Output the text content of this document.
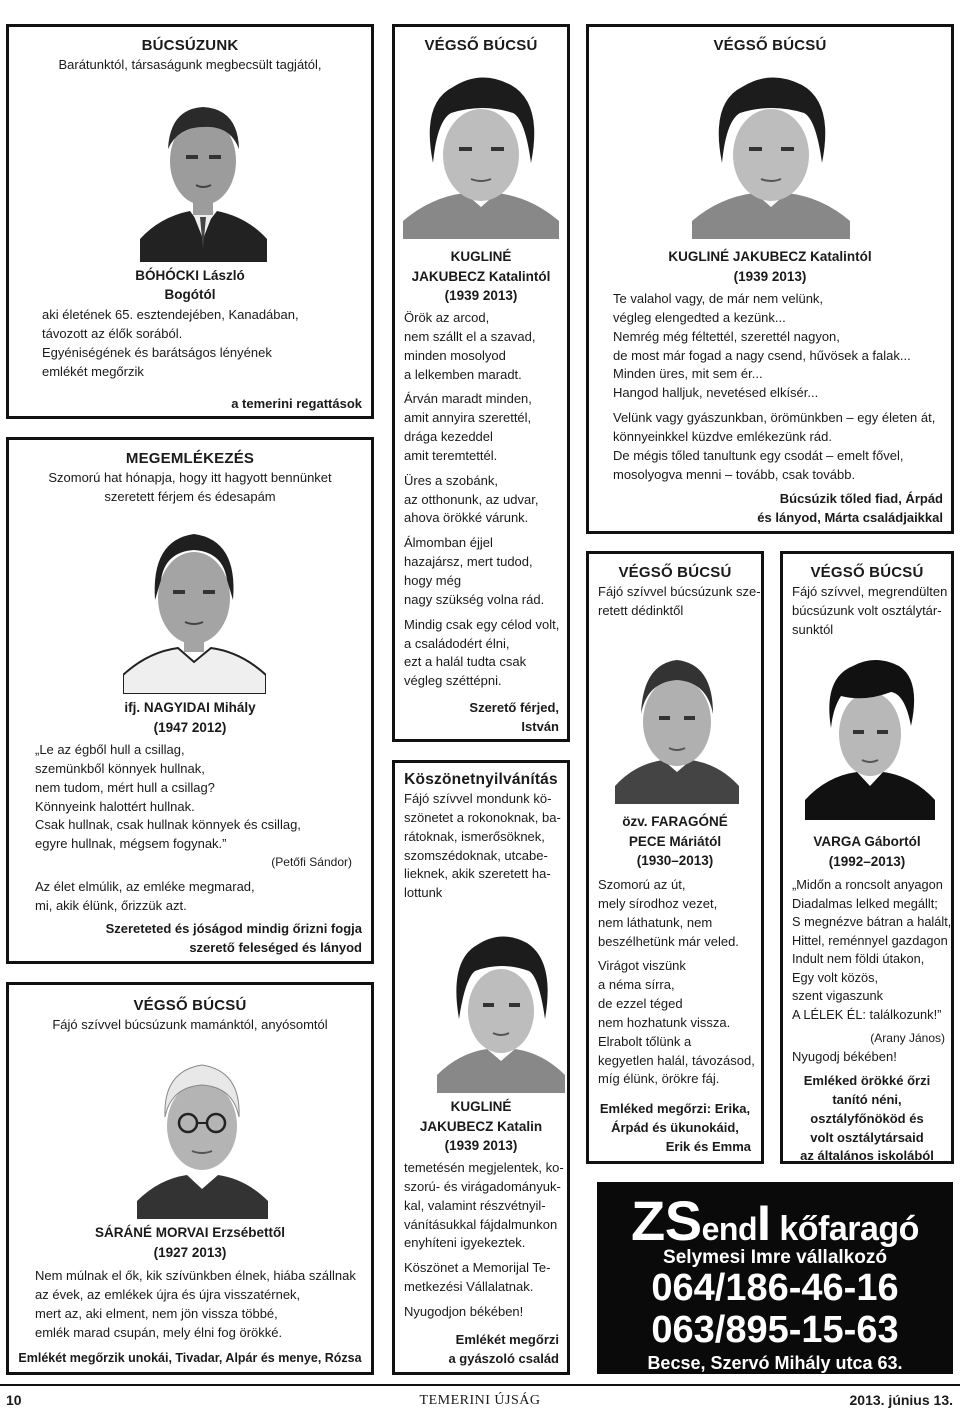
BÚCSÚZUNK
Barátunktól, társaságunk megbecsült tagjától,
BÓHÓCKI László
Bogótól
aki életének 65. esztendejében, Kanadában,
távozott az élők sorából.
Egyéniségének és barátságos lényének
emlékét megőrzik
a temerini regattások
MEGEMLÉKEZÉS
Szomorú hat hónapja, hogy itt hagyott bennünket
szeretett férjem és édesapám
ifj. NAGYIDAI Mihály
(1947 2012)
„Le az égből hull a csillag,
szemünkből könnyek hullnak,
nem tudom, mért hull a csillag?
Könnyeink halottért hullnak.
Csak hullnak, csak hullnak könnyek és csillag,
egyre hullnak, mégsem fogynak.”
(Petőfi Sándor)
Az élet elmúlik, az emléke megmarad,
mi, akik élünk, őrizzük azt.
Szereteted és jóságod mindig őrizni fogja
szerető feleséged és lányod
VÉGSŐ BÚCSÚ
Fájó szívvel búcsúzunk mamánktól, anyósomtól
SÁRÁNÉ MORVAI Erzsébettől
(1927 2013)
Nem múlnak el ők, kik szívünkben élnek, hiába szállnak
az évek, az emlékek újra és újra visszatérnek,
mert az, aki elment, nem jön vissza többé,
emlék marad csupán, mely élni fog örökké.
Emlékét megőrzik unokái, Tivadar, Alpár és menye, Rózsa
VÉGSŐ BÚCSÚ
KUGLINÉ
JAKUBECZ Katalintól
(1939 2013)
Örök az arcod,
nem szállt el a szavad,
minden mosolyod
a lelkemben maradt.
Árván maradt minden,
amit annyira szerettél,
drága kezeddel
amit teremtettél.
Üres a szobánk,
az otthonunk, az udvar,
ahova örökké várunk.
Álmomban éjjel
hazajársz, mert tudod,
hogy még
nagy szükség volna rád.
Mindig csak egy célod volt,
a családodért élni,
ezt a halál tudta csak
végleg széttépni.
Szerető férjed,
István
Köszönetnyilvánítás
Fájó szívvel mondunk kö-
szönetet a rokonoknak, ba-
rátoknak, ismerősöknek,
szomszédoknak, utcabe-
lieknek, akik szeretett ha-
lottunk
KUGLINÉ
JAKUBECZ Katalin
(1939 2013)
temetésén megjelentek, ko-
szorú- és virágadományuk-
kal, valamint részvétnyil-
vánításukkal fájdalmunkon
enyhíteni igyekeztek.
Köszönet a Memorijal Te-
metkezési Vállalatnak.
Nyugodjon békében!
Emlékét megőrzi
a gyászoló család
VÉGSŐ BÚCSÚ
KUGLINÉ JAKUBECZ Katalintól
(1939 2013)
Te valahol vagy, de már nem velünk,
végleg elengedted a kezünk...
Nemrég még féltettél, szerettél nagyon,
de most már fogad a nagy csend, hűvösek a falak...
Minden üres, mit sem ér...
Hangod halljuk, nevetésed elkísér...
Velünk vagy gyászunkban, örömünkben – egy életen át,
könnyeinkkel küzdve emlékezünk rád.
De mégis tőled tanultunk egy csodát – emelt fővel,
mosolyogva menni – tovább, csak tovább.
Búcsúzik tőled fiad, Árpád
és lányod, Márta családjaikkal
VÉGSŐ BÚCSÚ
Fájó szívvel búcsúzunk sze-
retett dédinktől
özv. FARAGÓNÉ
PECE Máriától
(1930–2013)
Szomorú az út,
mely sírodhoz vezet,
nem láthatunk, nem
beszélhetünk már veled.
Virágot viszünk
a néma sírra,
de ezzel téged
nem hozhatunk vissza.
Elrabolt tőlünk a
kegyetlen halál, távozásod,
míg élünk, örökre fáj.
Emléked megőrzi: Erika,
Árpád és ükunokáid,
Erik és Emma
VÉGSŐ BÚCSÚ
Fájó szívvel, megrendülten
búcsúzunk volt osztálytár-
sunktól
VARGA Gábortól
(1992–2013)
„Midőn a roncsolt anyagon
Diadalmas lelked megállt;
S megnézve bátran a halált,
Hittel, reménnyel gazdagon
Indult nem földi útakon,
Egy volt közös,
szent vigaszunk
A LÉLEK ÉL: találkozunk!”
(Arany János)
Nyugodj békében!
Emléked örökké őrzi
tanító néni,
osztályfőnököd és
volt osztálytársaid
az általános iskolából
ZSendI kőfaragó
Selymesi Imre vállalkozó
064/186-46-16
063/895-15-63
Becse, Szervó Mihály utca 63.
10	TEMERINI ÚJSÁG	2013. június 13.
